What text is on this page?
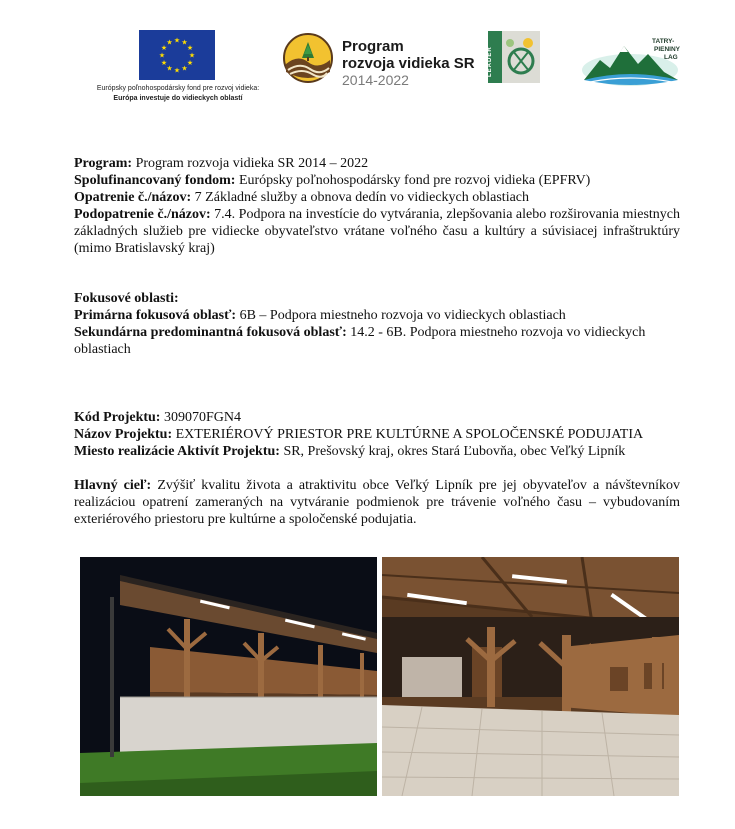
★ ★
★
★
★
★
★
★
★
★
★
★
Európsky poľnohospodársky fond pre rozvoj vidieka:
Európa investuje do vidieckych oblastí
Program
rozvoja vidieka SR
2014-2022
LEADER
TATRY-
PIENINY
LAG
Program: Program rozvoja vidieka SR 2014 – 2022
Spolufinancovaný fondom: Európsky poľnohospodársky fond pre rozvoj vidieka (EPFRV)
Opatrenie č./názov: 7 Základné služby a obnova dedín vo vidieckych oblastiach
Podopatrenie č./názov: 7.4. Podpora na investície do vytvárania, zlepšovania alebo rozširovania miestnych základných služieb pre vidiecke obyvateľstvo vrátane voľného času a kultúry a súvisiacej infraštruktúry (mimo Bratislavský kraj)
Fokusové oblasti:
Primárna fokusová oblasť: 6B – Podpora miestneho rozvoja vo vidieckych oblastiach
Sekundárna predominantná fokusová oblasť: 14.2 - 6B. Podpora miestneho rozvoja vo vidieckych oblastiach
Kód Projektu: 309070FGN4
Názov Projektu: EXTERIÉROVÝ PRIESTOR PRE KULTÚRNE A SPOLOČENSKÉ PODUJATIA
Miesto realizácie Aktivít Projektu: SR, Prešovský kraj, okres Stará Ľubovňa, obec Veľký Lipník
Hlavný cieľ: Zvýšiť kvalitu života a atraktivitu obce Veľký Lipník pre jej obyvateľov a návštevníkov realizáciou opatrení zameraných na vytváranie podmienok pre trávenie voľného času – vybudovaním exteriérového priestoru pre kultúrne a spoločenské podujatia.
